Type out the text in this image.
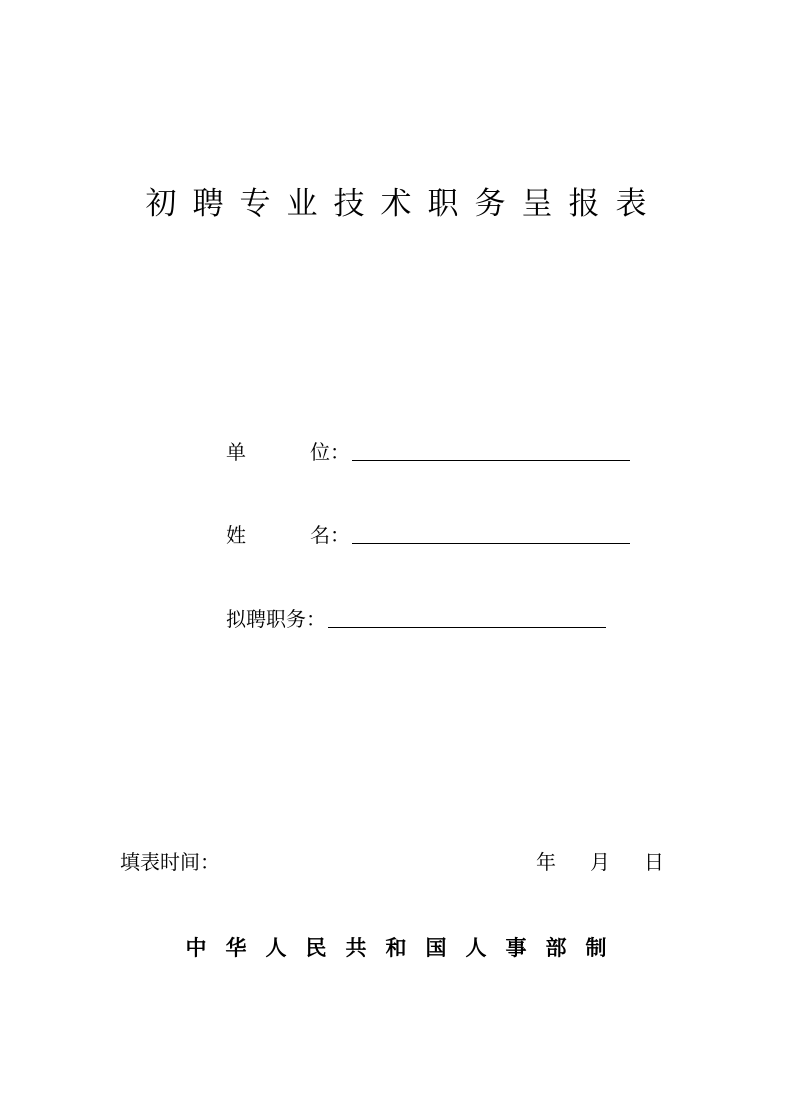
初聘专业技术职务呈报表
单	位 ：
姓	名 ：
拟聘职务 ：
填表时间：	年 月 日
中华人民共和国人事部制
